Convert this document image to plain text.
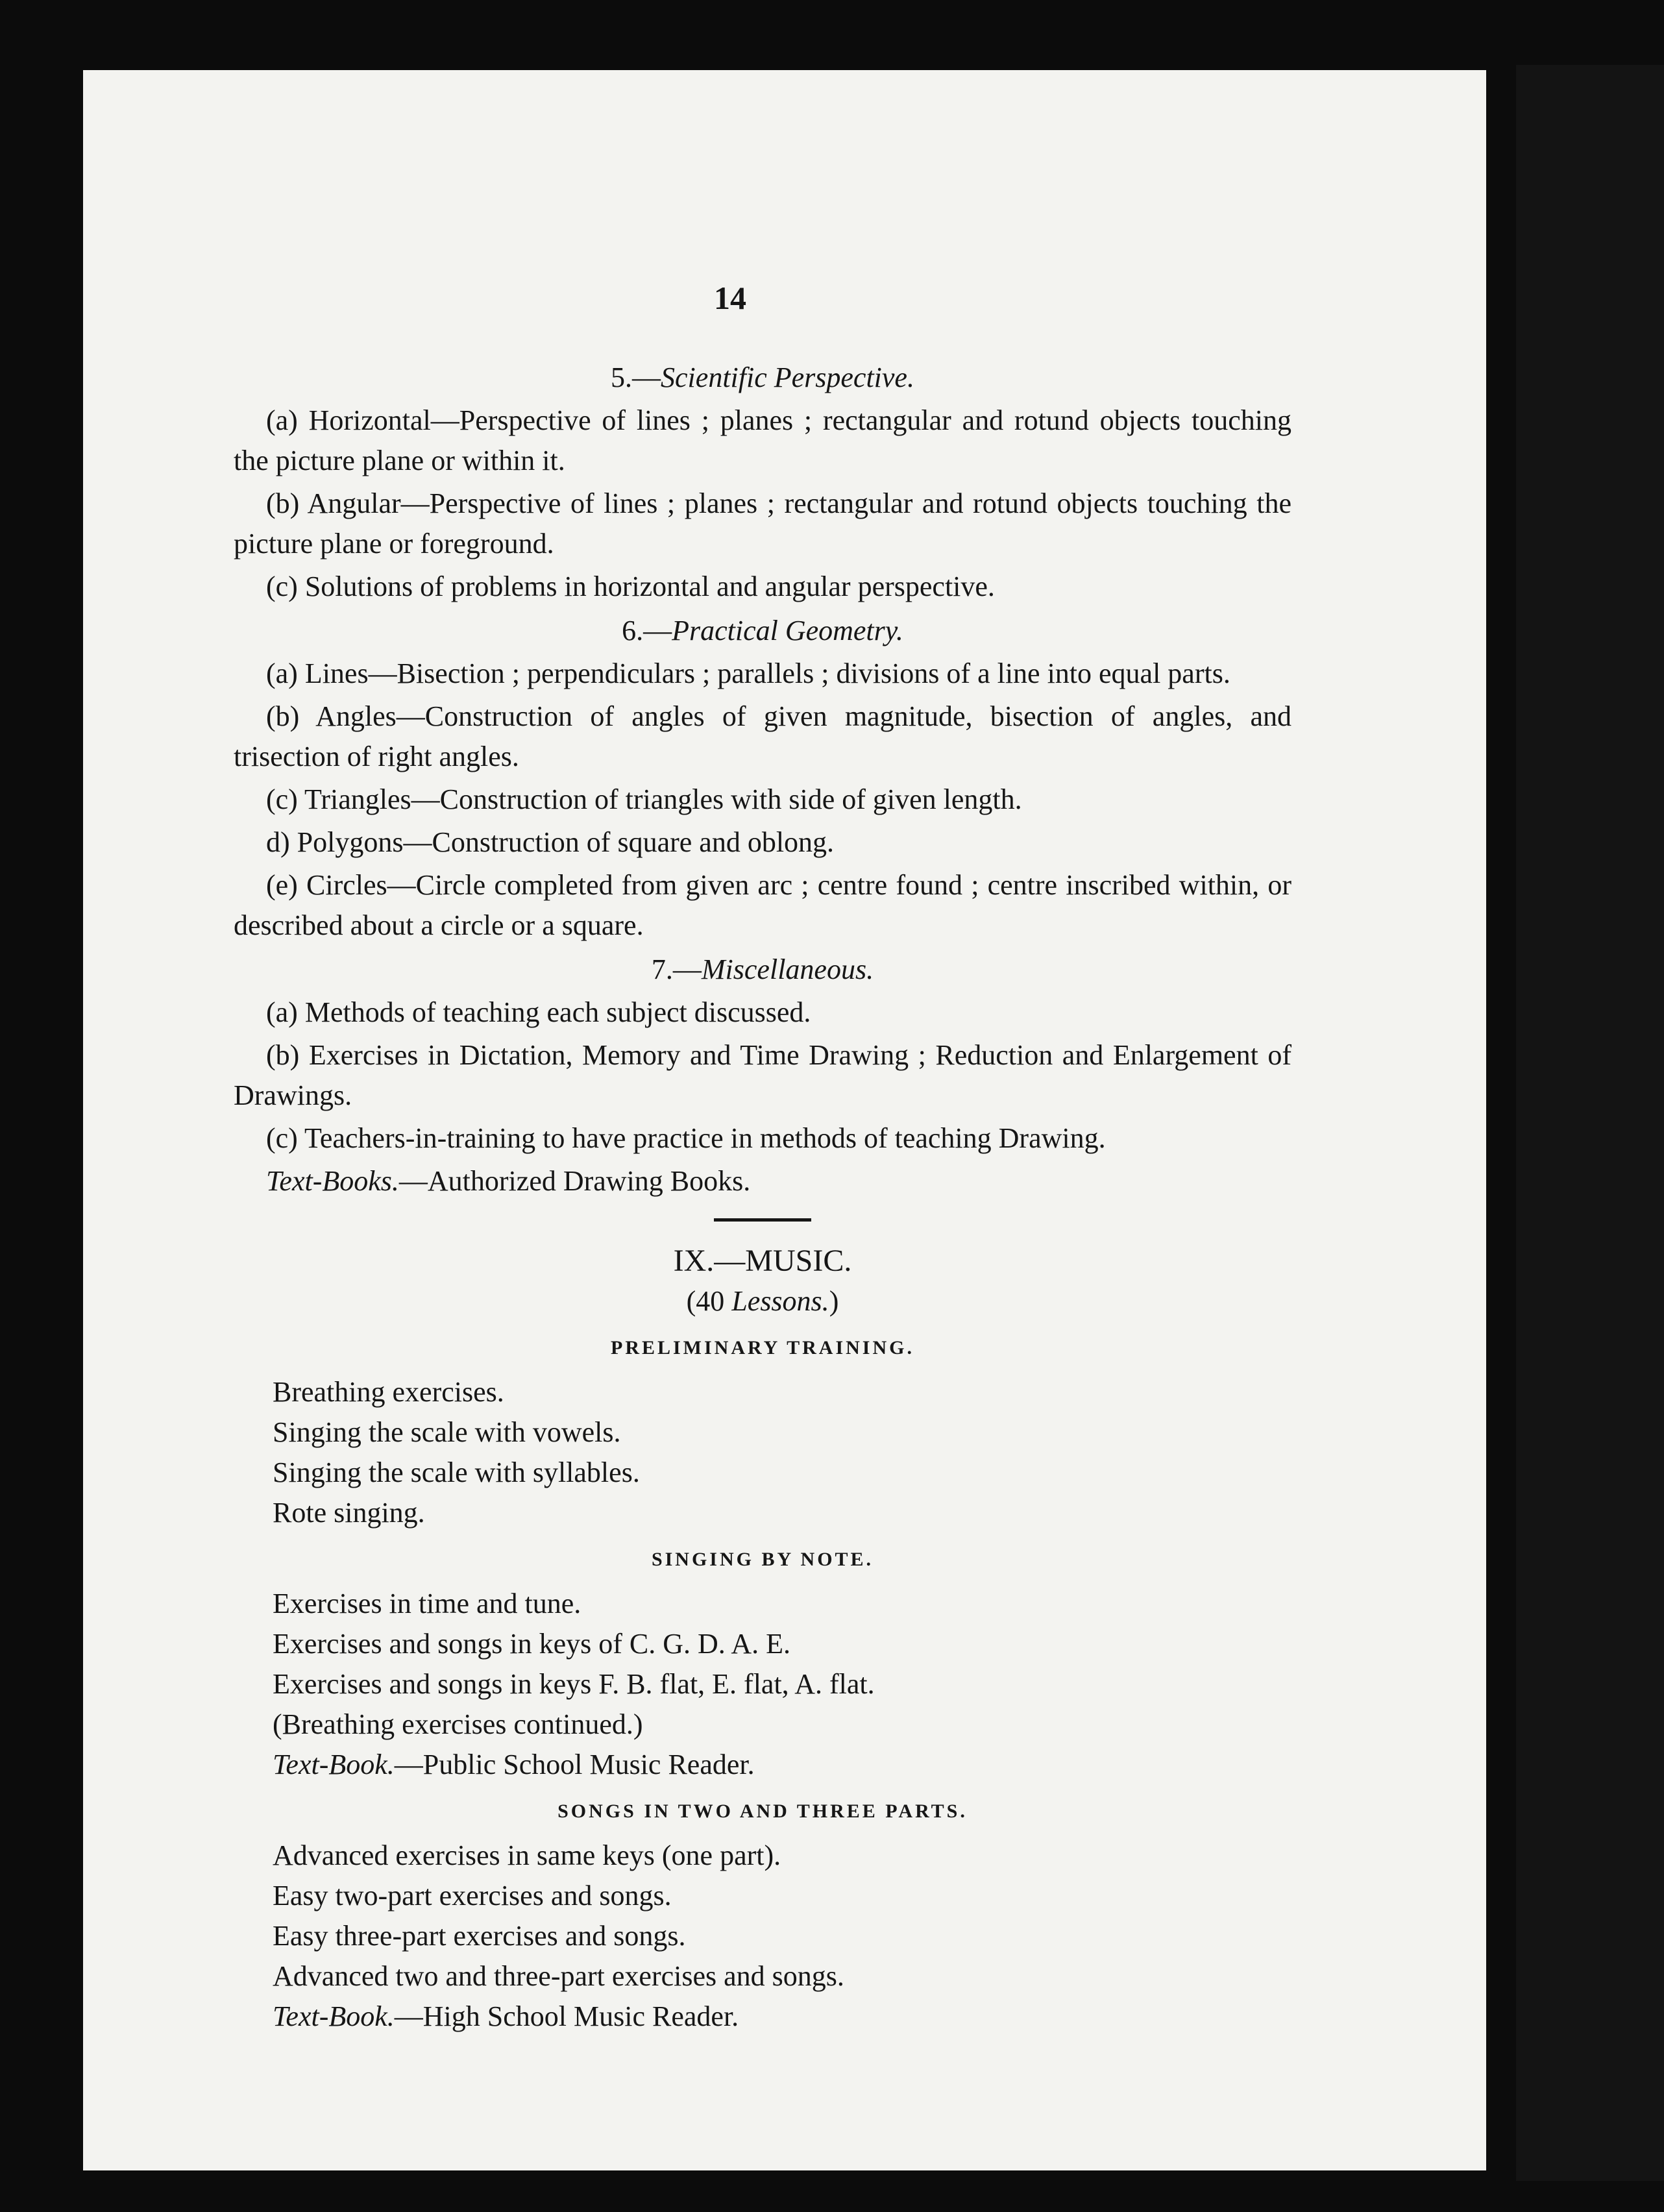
14

5.—Scientific Perspective.

(a) Horizontal—Perspective of lines ; planes ; rectangular and rotund objects touching the picture plane or within it.

(b) Angular—Perspective of lines ; planes ; rectangular and rotund objects touching the picture plane or foreground.

(c) Solutions of problems in horizontal and angular perspective.

6.—Practical Geometry.

(a) Lines—Bisection ; perpendiculars ; parallels ; divisions of a line into equal parts.

(b) Angles—Construction of angles of given magnitude, bisection of angles, and trisection of right angles.

(c) Triangles—Construction of triangles with side of given length.

d) Polygons—Construction of square and oblong.

(e) Circles—Circle completed from given arc ; centre found ; centre inscribed within, or described about a circle or a square.

7.—Miscellaneous.

(a) Methods of teaching each subject discussed.

(b) Exercises in Dictation, Memory and Time Drawing ; Reduction and Enlargement of Drawings.

(c) Teachers-in-training to have practice in methods of teaching Drawing.

Text-Books.—Authorized Drawing Books.

IX.—MUSIC.

(40 Lessons.)

PRELIMINARY TRAINING.

Breathing exercises.

Singing the scale with vowels.

Singing the scale with syllables.

Rote singing.

SINGING BY NOTE.

Exercises in time and tune.

Exercises and songs in keys of C. G. D. A. E.

Exercises and songs in keys F. B. flat, E. flat, A. flat.

(Breathing exercises continued.)

Text-Book.—Public School Music Reader.

SONGS IN TWO AND THREE PARTS.

Advanced exercises in same keys (one part).

Easy two-part exercises and songs.

Easy three-part exercises and songs.

Advanced two and three-part exercises and songs.

Text-Book.—High School Music Reader.
